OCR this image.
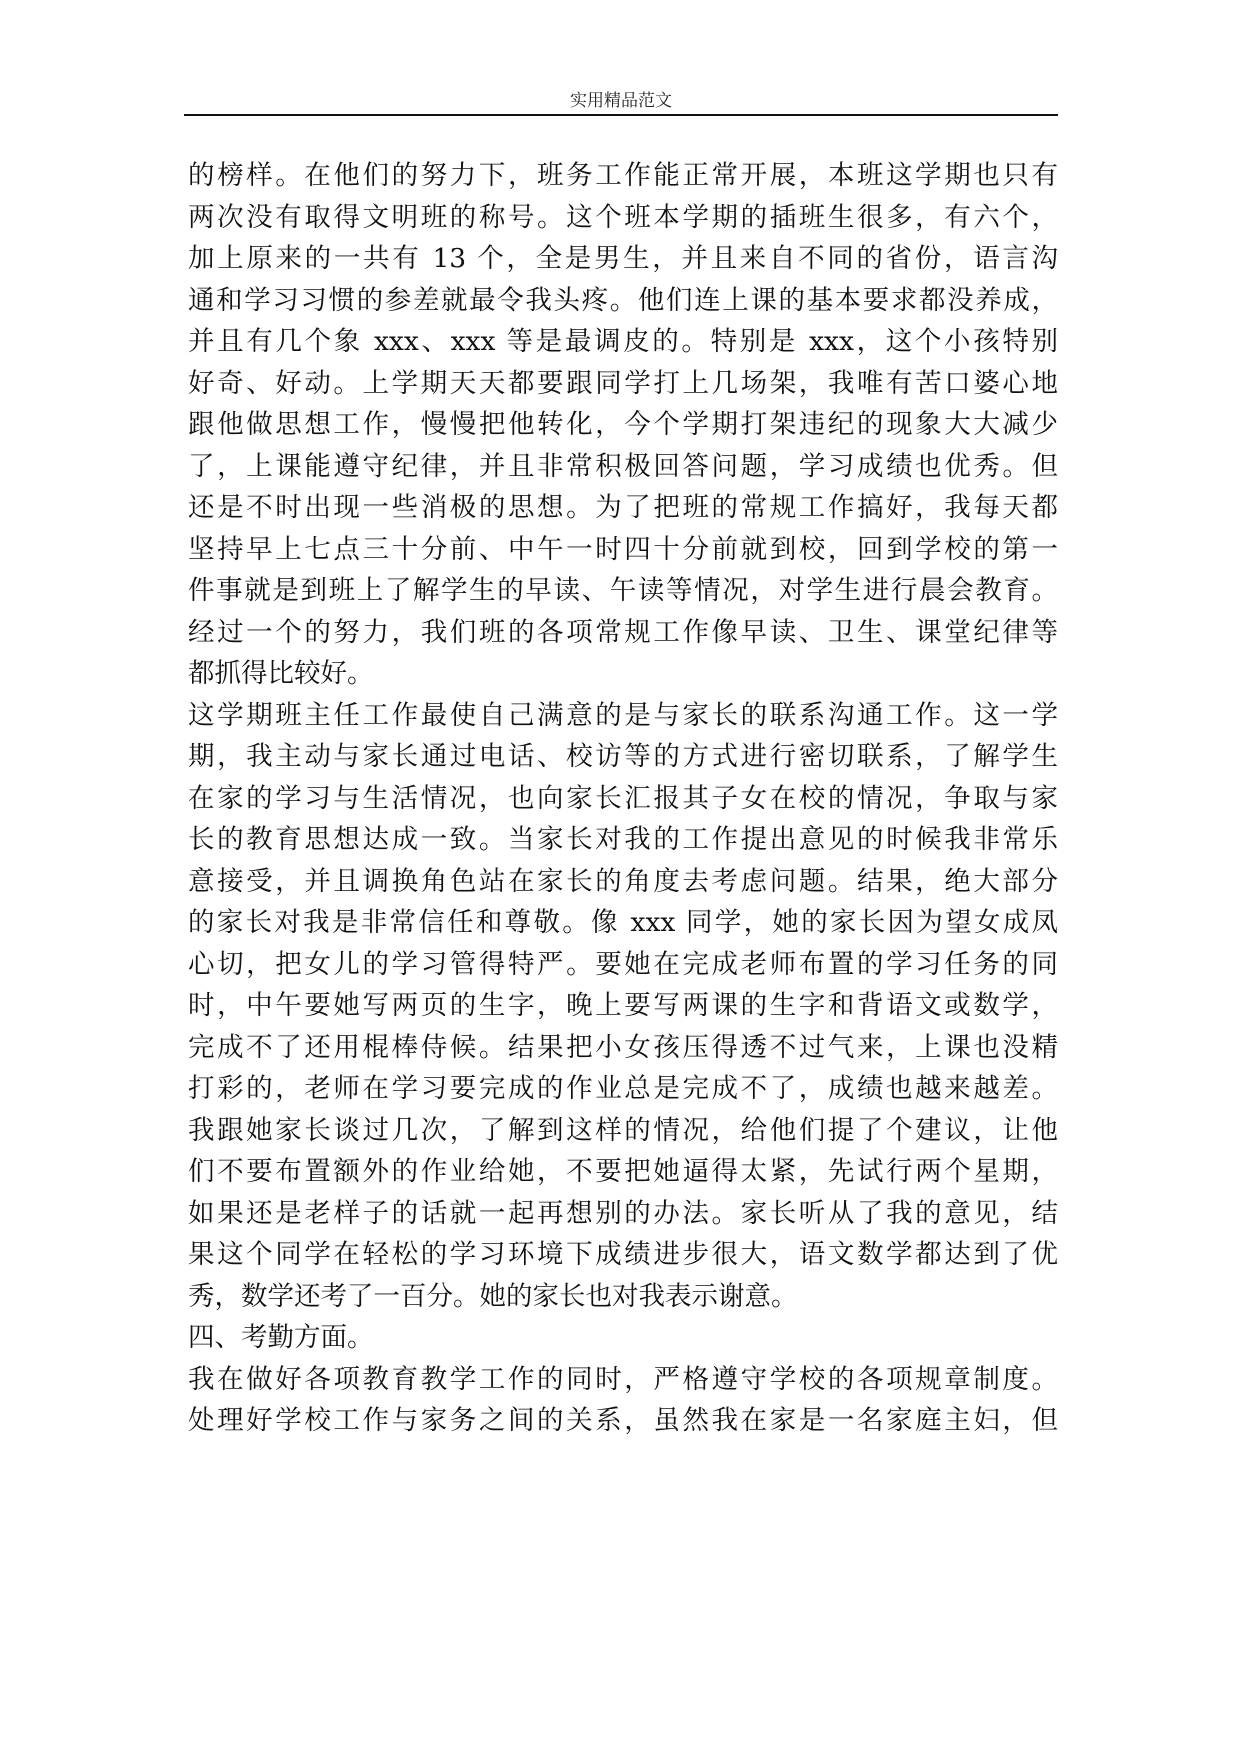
实用精品范文
的榜样。在他们的努力下，班务工作能正常开展，本班这学期也只有
两次没有取得文明班的称号。这个班本学期的插班生很多，有六个，
加上原来的一共有 13 个，全是男生，并且来自不同的省份，语言沟
通和学习习惯的参差就最令我头疼。他们连上课的基本要求都没养成，
并且有几个象 xxx、xxx 等是最调皮的。特别是 xxx，这个小孩特别
好奇、好动。上学期天天都要跟同学打上几场架，我唯有苦口婆心地
跟他做思想工作，慢慢把他转化，今个学期打架违纪的现象大大减少
了，上课能遵守纪律，并且非常积极回答问题，学习成绩也优秀。但
还是不时出现一些消极的思想。为了把班的常规工作搞好，我每天都
坚持早上七点三十分前、中午一时四十分前就到校，回到学校的第一
件事就是到班上了解学生的早读、午读等情况，对学生进行晨会教育。
经过一个的努力，我们班的各项常规工作像早读、卫生、课堂纪律等
都抓得比较好。
这学期班主任工作最使自己满意的是与家长的联系沟通工作。这一学
期，我主动与家长通过电话、校访等的方式进行密切联系，了解学生
在家的学习与生活情况，也向家长汇报其子女在校的情况，争取与家
长的教育思想达成一致。当家长对我的工作提出意见的时候我非常乐
意接受，并且调换角色站在家长的角度去考虑问题。结果，绝大部分
的家长对我是非常信任和尊敬。像 xxx 同学，她的家长因为望女成凤
心切，把女儿的学习管得特严。要她在完成老师布置的学习任务的同
时，中午要她写两页的生字，晚上要写两课的生字和背语文或数学，
完成不了还用棍棒侍候。结果把小女孩压得透不过气来，上课也没精
打彩的，老师在学习要完成的作业总是完成不了，成绩也越来越差。
我跟她家长谈过几次，了解到这样的情况，给他们提了个建议，让他
们不要布置额外的作业给她，不要把她逼得太紧，先试行两个星期，
如果还是老样子的话就一起再想别的办法。家长听从了我的意见，结
果这个同学在轻松的学习环境下成绩进步很大，语文数学都达到了优
秀，数学还考了一百分。她的家长也对我表示谢意。
四、考勤方面。
我在做好各项教育教学工作的同时，严格遵守学校的各项规章制度。
处理好学校工作与家务之间的关系，虽然我在家是一名家庭主妇，但
